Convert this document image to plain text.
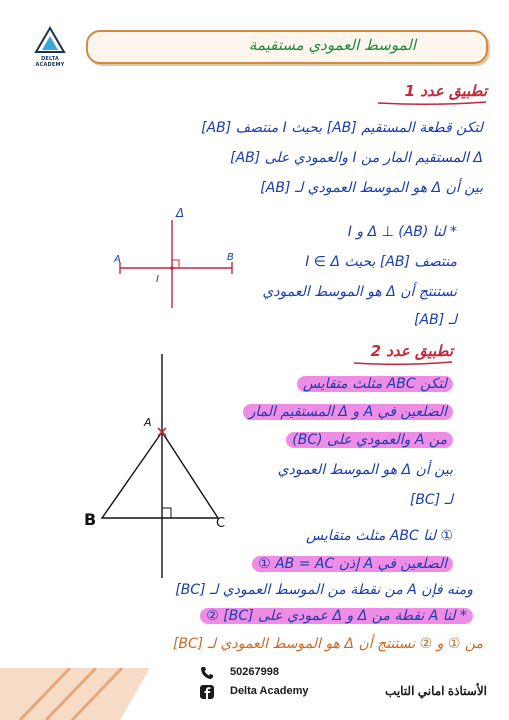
DELTA ACADEMY
الموسط العمودي مستقيمة
تطبيق عدد 1
لتكن قطعة المستقيم [AB] بحيث I منتصف [AB]
Δ المستقيم المار من I والعمودي على [AB]
بين أن Δ هو الموسط العمودي لـ [AB]
Δ
A	B
I
* لنا Δ ⊥ (AB) و I
منتصف [AB] بحيث I ∈ Δ
نستنتج أن Δ هو الموسط العمودي
لـ [AB]
تطبيق عدد 2
لتكن ABC مثلث متقايس
الضلعين في A و Δ المستقيم المار
من A والعمودي على (BC)
بين أن Δ هو الموسط العمودي
لـ [BC]
A
B	C
① لنا ABC مثلث متقايس
الضلعين في A إذن AB = AC ①
ومنه فإن A من نقطة من الموسط العمودي لـ [BC]
* لنا A نقطة من Δ و Δ عمودي على [BC] ②
من ① و ② نستنتج أن Δ هو الموسط العمودي لـ [BC]
50267998
Delta Academy	الأستاذة اماني التايب
